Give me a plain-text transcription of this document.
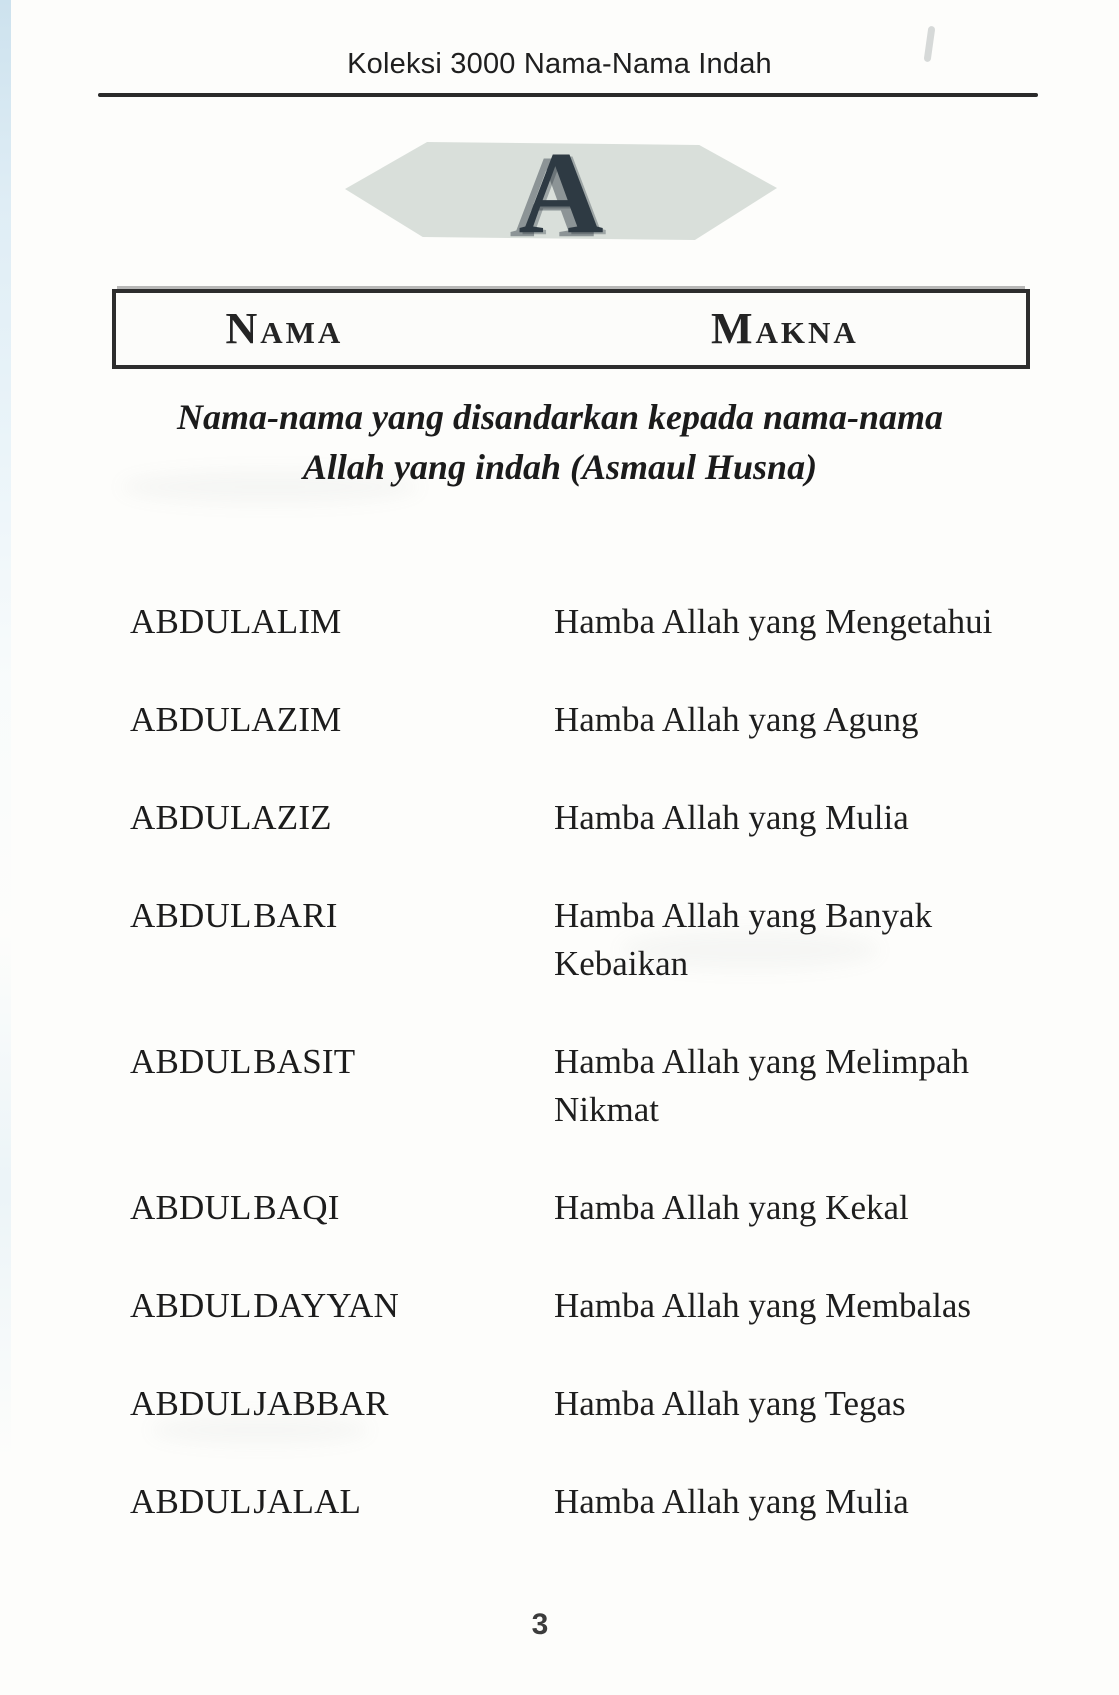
Koleksi 3000 Nama-Nama Indah
A
Nama	Makna
Nama-nama yang disandarkan kepada nama-nama
Allah yang indah (Asmaul Husna)
ABDUL ALIM	Hamba Allah yang Mengetahui
ABDUL AZIM	Hamba Allah yang Agung
ABDUL AZIZ	Hamba Allah yang Mulia
ABDUL BARI	Hamba Allah yang Banyak Kebaikan
ABDUL BASIT	Hamba Allah yang Melimpah Nikmat
ABDUL BAQI	Hamba Allah yang Kekal
ABDUL DAYYAN	Hamba Allah yang Membalas
ABDUL JABBAR	Hamba Allah yang Tegas
ABDUL JALAL	Hamba Allah yang Mulia
3
